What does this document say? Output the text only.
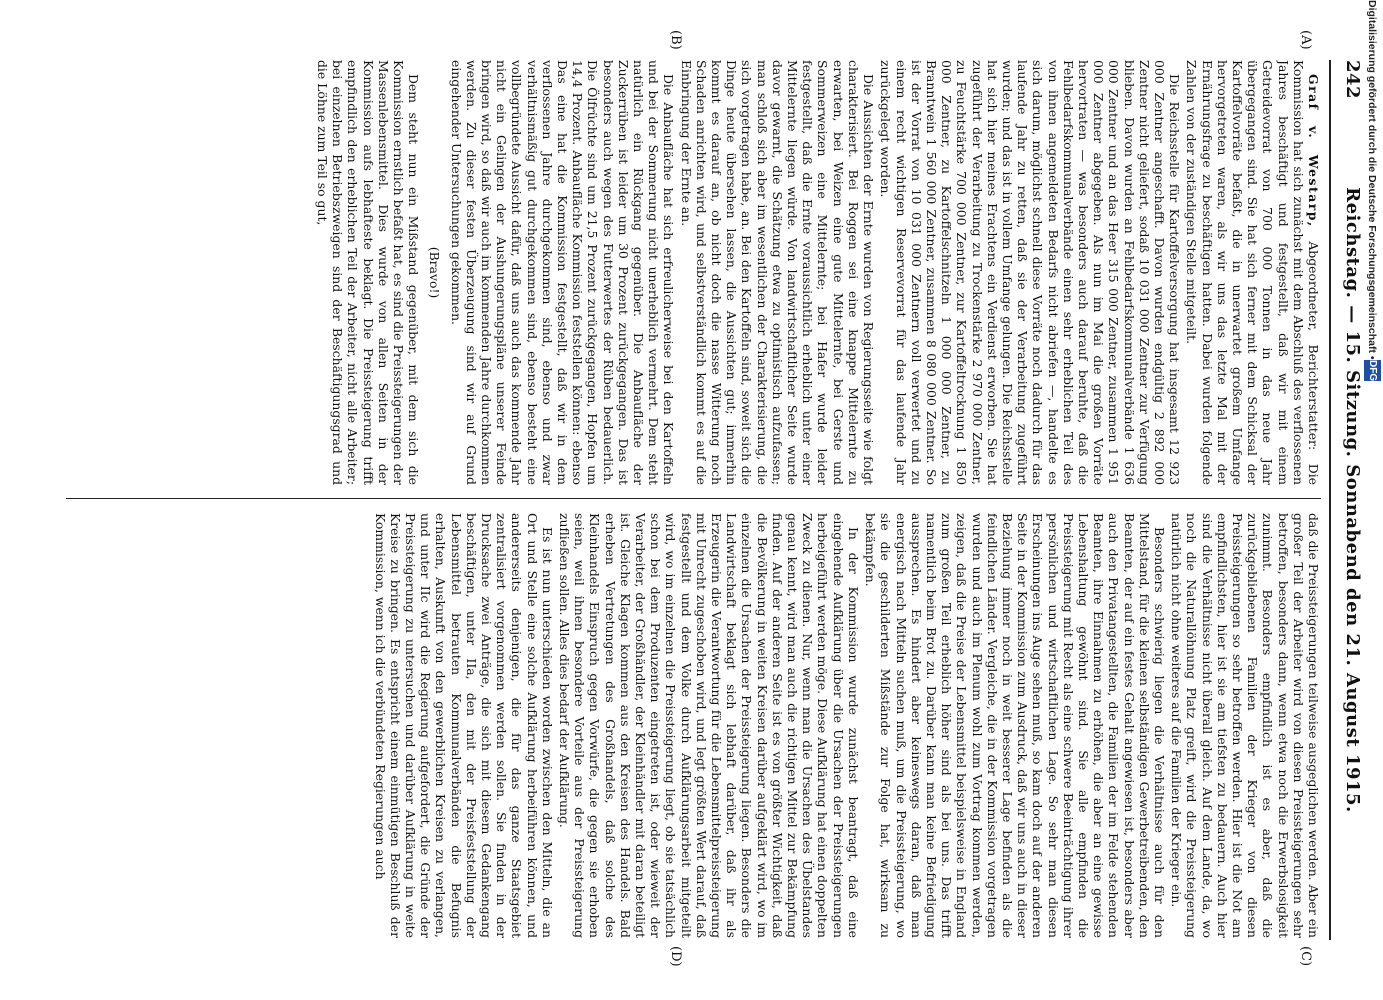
242
Reichstag. — 15. Sitzung. Sonnabend den 21. August 1915.
(A)
(B)
(C)
(D)

Graf v. Westarp, Abgeordneter, Berichterstatter: Die Kommission hat sich zunächst mit dem Abschluß des verflossenen Jahres beschäftigt und festgestellt, daß wir mit einem Getreidevorrat von 700 000 Tonnen in das neue Jahr übergegangen sind. Sie hat sich ferner mit dem Schicksal der Kartoffelvorräte befaßt, die in unerwartet großem Umfange hervorgetreten waren, als wir uns das letzte Mal mit der Ernährungsfrage zu beschäftigen hatten. Dabei wurden folgende Zahlen von der zuständigen Stelle mitgeteilt.

Die Reichsstelle für Kartoffelversorgung hat insgesamt 12 923 000 Zentner angeschafft. Davon wurden endgültig 2 892 000 Zentner nicht geliefert, sodaß 10 031 000 Zentner zur Verfügung blieben. Davon wurden an Fehlbedarfskommunalverbände 1 636 000 Zentner und an das Heer 315 000 Zentner, zusammen 1 951 000 Zentner abgegeben. Als nun im Mai die großen Vorräte hervortraten — was besonders auch darauf beruhte, daß die Fehlbedarfskommunalverbände einen sehr erheblichen Teil des von ihnen angemeldeten Bedarfs nicht abriefen —, handelte es sich darum, möglichst schnell diese Vorräte noch dadurch für das laufende Jahr zu retten, daß sie der Verarbeitung zugeführt wurden; und das ist in vollem Umfange gelungen. Die Reichsstelle hat sich hier meines Erachtens ein Verdienst erworben. Sie hat zugeführt der Verarbeitung zu Trockenstärke 2 970 000 Zentner, zu Feuchtstärke 700 000 Zentner, zur Kartoffeltrocknung 1 850 000 Zentner, zu Kartoffelschnitzeln 1 000 000 Zentner, zu Branntwein 1 560 000 Zentner, zusammen 8 080 000 Zentner. So ist der Vorrat von 10 031 000 Zentnern voll verwertet und zu einem recht wichtigen Reservevorrat für das laufende Jahr zurückgelegt worden.

Die Aussichten der Ernte wurden von Regierungsseite wie folgt charakterisiert. Bei Roggen sei eine knappe Mittelernte zu erwarten, bei Weizen eine gute Mittelernte, bei Gerste und Sommerweizen eine Mittelernte; bei Hafer wurde leider festgestellt, daß die Ernte voraussichtlich erheblich unter einer Mittelernte liegen würde. Von landwirtschaftlicher Seite wurde davor gewarnt, die Schätzung etwa zu optimistisch aufzufassen; man schloß sich aber im wesentlichen der Charakterisierung, die sich vorgetragen habe, an. Bei den Kartoffeln sind, soweit sich die Dinge heute übersehen lassen, die Aussichten gut; immerhin kommt es darauf an, ob nicht doch die nasse Witterung noch Schaden anrichten wird, und selbstverständlich kommt es auf die Einbringung der Ernte an.

Die Anbaufläche hat sich erfreulicherweise bei den Kartoffeln und bei der Sommerung nicht unerheblich vermehrt. Dem steht natürlich ein Rückgang gegenüber. Die Anbaufläche der Zuckerrüben ist leider um 30 Prozent zurückgegangen. Das ist besonders auch wegen des Futterwertes der Rüben bedauerlich. Die Ölfrüchte sind um 21,5 Prozent zurückgegangen, Hopfen um 14,4 Prozent. Anbaufläche Kommission feststellen können: ebenso Das eine hat die Kommission festgestellt, daß wir in dem verflossenen Jahre durchgekommen sind, ebenso und zwar verhältnismäßig gut durchgekommen sind, ebenso besteht eine vollbegründete Aussicht dafür, daß uns auch das kommende Jahr nicht ein Gelingen der Aushungerungspläne unserer Feinde bringen wird, so daß wir auch im kommenden Jahre durchkommen werden. Zu dieser festen Überzeugung sind wir auf Grund eingehender Untersuchungen gekommen.

(Bravo!)

Dem steht nun ein Mißstand gegenüber, mit dem sich die Kommission ernstlich befaßt hat, es sind die Preissteigerungen der Massenlebensmittel. Dies wurde von allen Seiten in der Kommission aufs lebhafteste beklagt. Die Preissteigerung trifft empfindlich den erheblichen Teil der Arbeiter, nicht alle Arbeiter; bei einzelnen Betriebszweigen sind der Beschäftigungsgrad und die Löhne zum Teil so gut,

daß die Preissteigerungen teilweise ausgeglichen werden. Aber ein großer Teil der Arbeiter wird von diesen Preissteigerungen sehr betroffen, besonders dann, wenn etwa noch die Erwerbslosigkeit zunimmt. Besonders empfindlich ist es aber, daß die zurückgebliebenen Familien der Krieger von diesen Preissteigerungen so sehr betroffen werden. Hier ist die Not am empfindlichsten, hier ist sie am tiefsten zu bedauern. Auch hier sind die Verhältnisse nicht überall gleich. Auf dem Lande, da, wo noch die Naturallöhnung Platz greift, wird die Preissteigerung natürlich nicht ohne weiteres auf die Familien der Krieger ein.

Besonders schwierig liegen die Verhältnisse auch für den Mittelstand, für die kleinen selbständigen Gewerbetreibenden, den Beamten, der auf ein festes Gehalt angewiesen ist, besonders aber auch den Privatangestellten, die Familien der im Felde stehenden Beamten, ihre Einnahmen zu erhöhen, die aber an eine gewisse Lebenshaltung gewöhnt sind. Sie alle empfinden die Preissteigerung mit Recht als eine schwere Beeinträchtigung ihrer persönlichen und wirtschaftlichen Lage. So sehr man diesen Erscheinungen ins Auge sehen muß, so kam doch auf der anderen Seite in der Kommission zum Ausdruck, daß wir uns auch in dieser Beziehung immer noch in weit besserer Lage befinden als die feindlichen Länder. Vergleiche, die in der Kommission vorgetragen wurden und auch im Plenum wohl zum Vortrag kommen werden, zeigen, daß die Preise der Lebensmittel beispielsweise in England zum großen Teil erheblich höher sind als bei uns. Das trifft namentlich beim Brot zu. Darüber kann man keine Befriedigung aussprechen. Es hindert aber keineswegs daran, daß man energisch nach Mitteln suchen muß, um die Preissteigerung, wo sie die geschilderten Mißstände zur Folge hat, wirksam zu bekämpfen.

In der Kommission wurde zunächst beantragt, daß eine eingehende Aufklärung über die Ursachen der Preissteigerungen herbeigeführt werden möge. Diese Aufklärung hat einen doppelten Zweck zu dienen. Nur, wenn man die Ursachen des Übelstandes genau kennt, wird man auch die richtigen Mittel zur Bekämpfung finden. Auf der anderen Seite ist es von größter Wichtigkeit, daß die Bevölkerung in weiten Kreisen darüber aufgeklärt wird, wo im einzelnen die Ursachen der Preissteigerung liegen. Besonders die Landwirtschaft beklagt sich lebhaft darüber, daß ihr als Erzeugerin die Verantwortung für die Lebensmittelpreissteigerung mit Unrecht zugeschoben wird, und legt größten Wert darauf, daß festgestellt und dem Volke durch Aufklärungsarbeit mitgeteilt wird, wo im einzelnen die Preissteigerung liegt, ob sie tatsächlich schon bei dem Produzenten eingetreten ist, oder wieweit der Verarbeiter, der Großhändler, der Kleinhändler mit daran beteiligt ist. Gleiche Klagen kommen aus den Kreisen des Handels. Bald erheben Vertretungen des Großhandels, daß solche des Kleinhandels Einspruch gegen Vorwürfe, die gegen sie erhoben seien, weil ihnen besondere Vorteile aus der Preissteigerung zufließen sollen. Alles dies bedarf der Aufklärung.

Es ist nun unterschieden worden zwischen den Mitteln, die an Ort und Stelle eine solche Aufklärung herbeiführen können, und andererseits denjenigen, die für das ganze Staatsgebiet zentralisiert vorgenommen werden sollen. Sie finden in der Drucksache zwei Anträge, die sich mit diesem Gedankengang beschäftigen, unter IIa, den mit der Preisfeststellung der Lebensmittel betrauten Kommunalverbänden die Befugnis erhalten, Auskunft von den gewerblichen Kreisen zu verlangen, und unter IIc wird die Regierung aufgefordert, die Gründe der Preissteigerung zu untersuchen und darüber Aufklärung in weite Kreise zu bringen. Es entspricht einem einmütigen Beschluß der Kommission, wenn ich die verbündeten Regierungen auch

Digitalisierung gefördert durch die Deutsche Forschungsgemeinschaft •DFG
